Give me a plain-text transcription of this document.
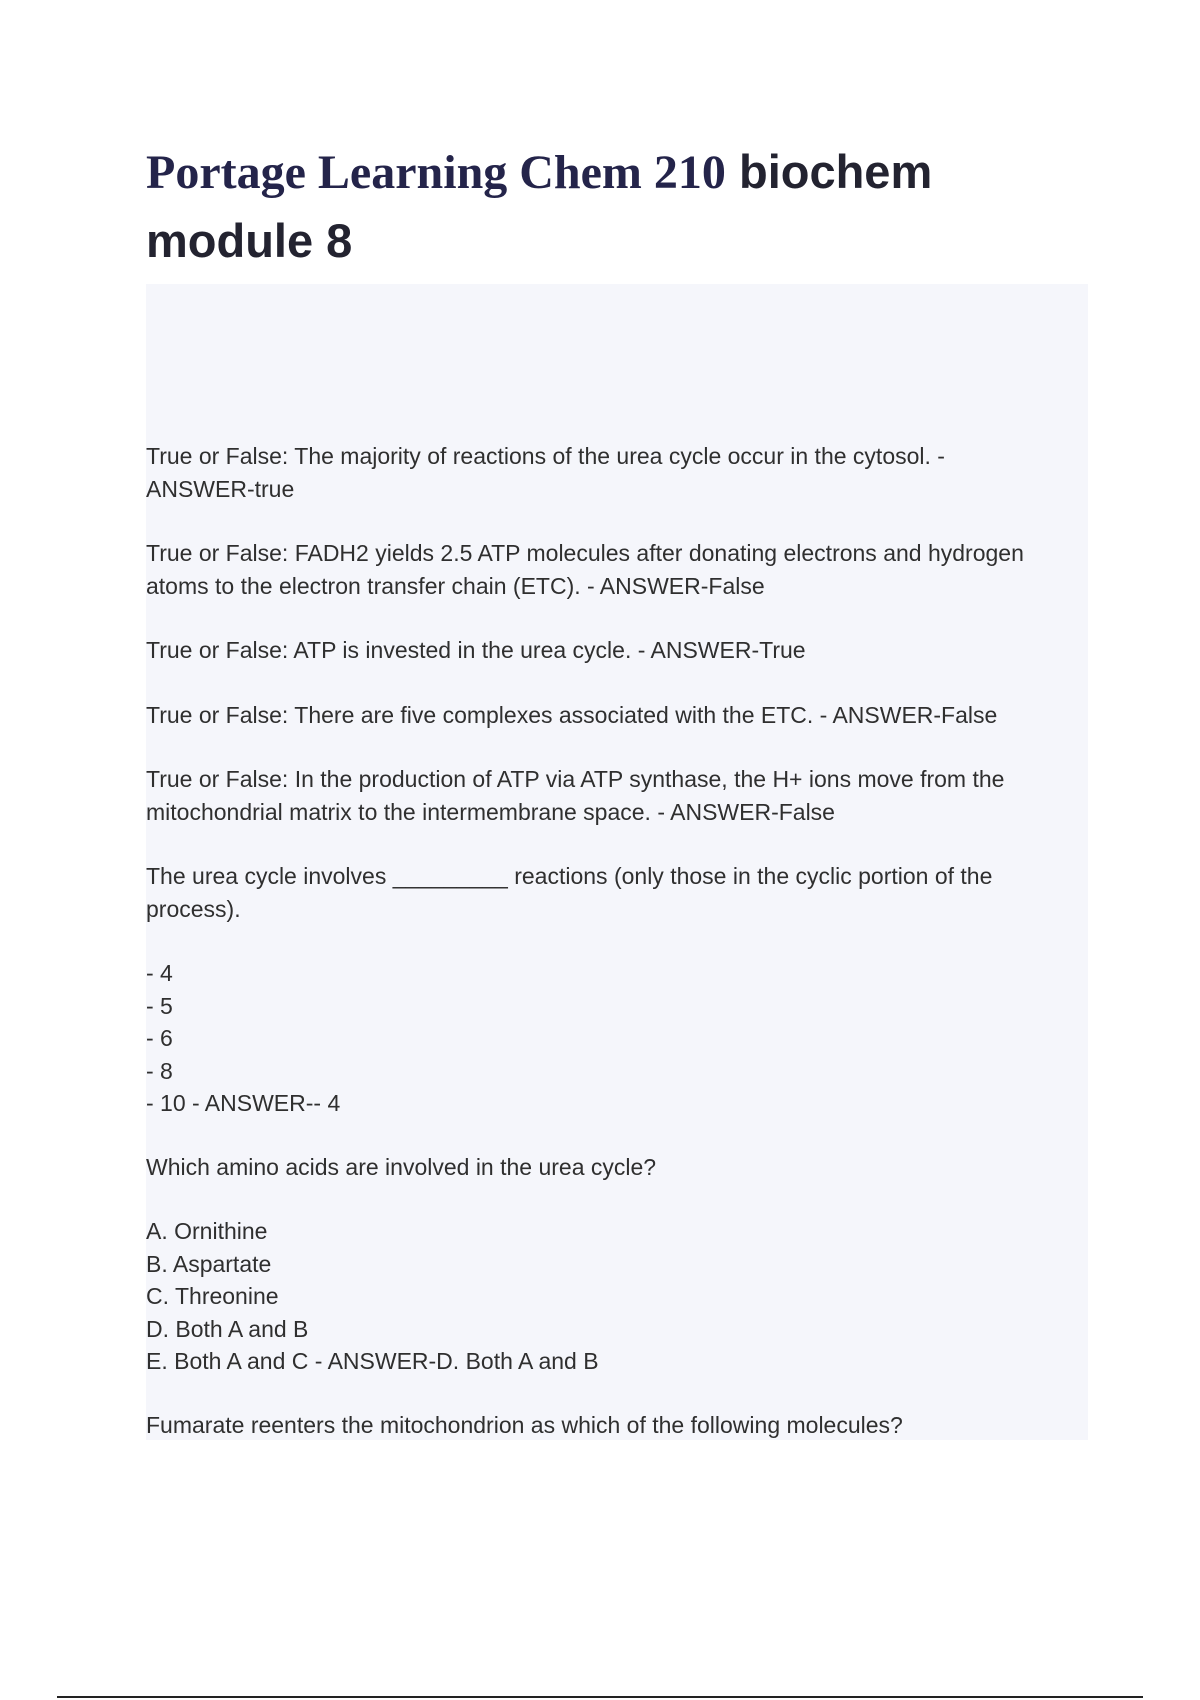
Portage Learning Chem 210 biochem
module 8

True or False: The majority of reactions of the urea cycle occur in the cytosol. -
ANSWER-true

True or False: FADH2 yields 2.5 ATP molecules after donating electrons and hydrogen
atoms to the electron transfer chain (ETC). - ANSWER-False

True or False: ATP is invested in the urea cycle. - ANSWER-True

True or False: There are five complexes associated with the ETC. - ANSWER-False

True or False: In the production of ATP via ATP synthase, the H+ ions move from the
mitochondrial matrix to the intermembrane space. - ANSWER-False

The urea cycle involves _________ reactions (only those in the cyclic portion of the
process).

- 4
- 5
- 6
- 8
- 10 - ANSWER-- 4

Which amino acids are involved in the urea cycle?

A. Ornithine
B. Aspartate
C. Threonine
D. Both A and B
E. Both A and C - ANSWER-D. Both A and B

Fumarate reenters the mitochondrion as which of the following molecules?
